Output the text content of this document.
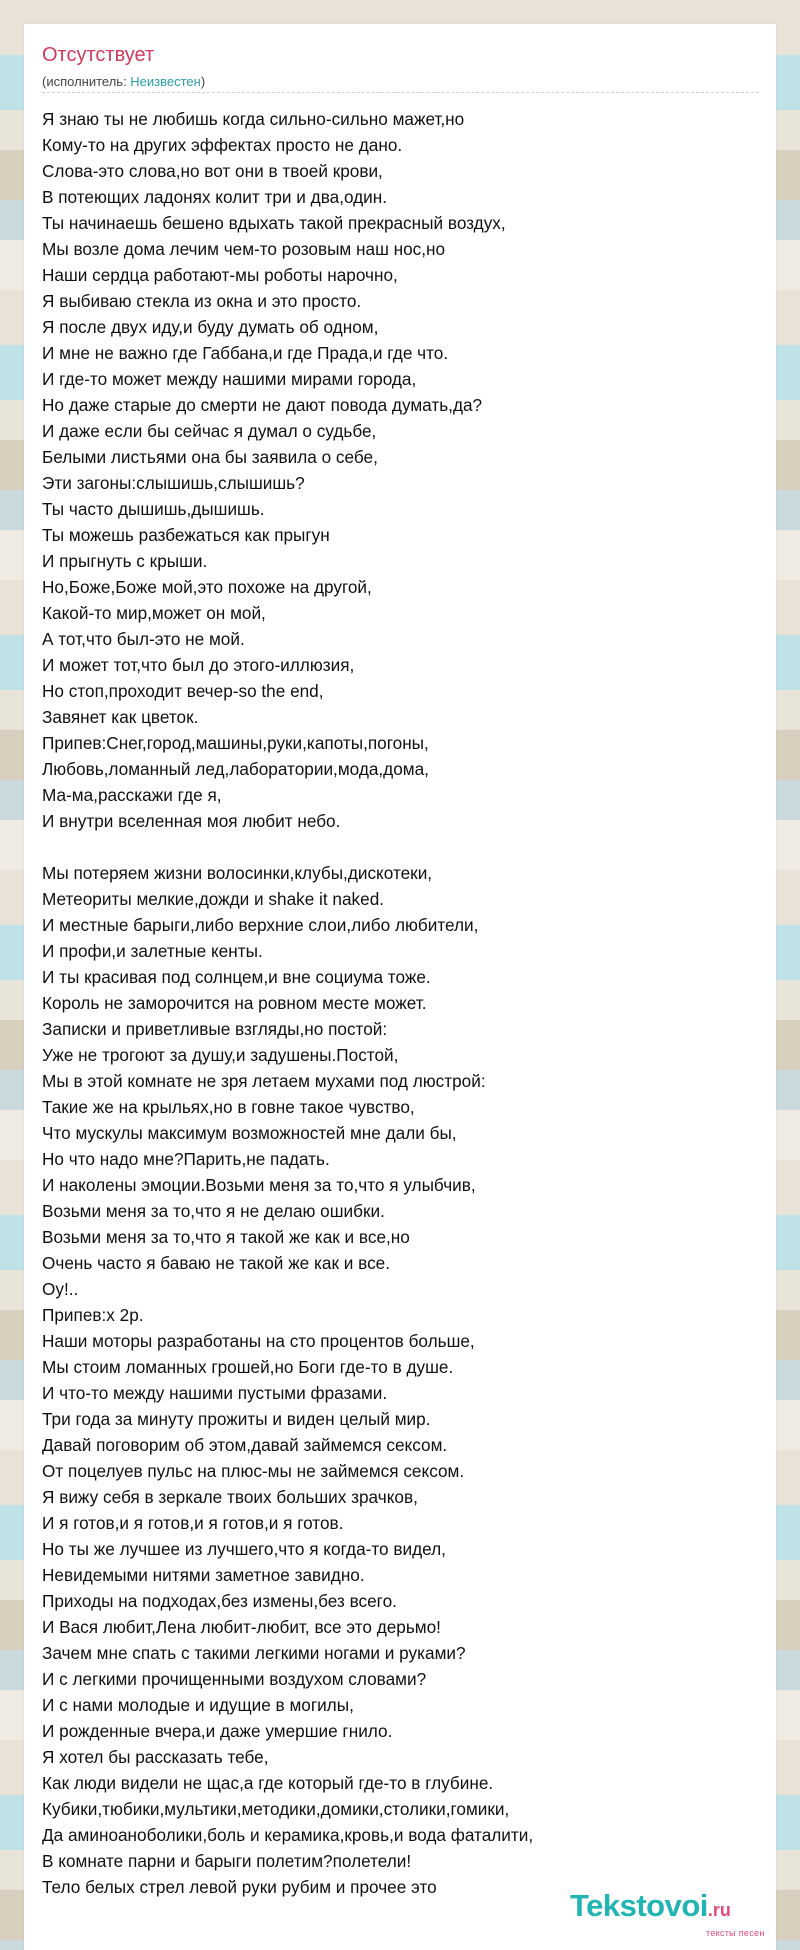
Отсутствует
(исполнитель: Неизвестен)
Я знаю ты не любишь когда сильно-сильно мажет,но
Кому-то на других эффектах просто не дано.
Слова-это слова,но вот они в твоей крови,
В потеющих ладонях колит три и два,один.
Ты начинаешь бешено вдыхать такой прекрасный воздух,
Мы возле дома лечим чем-то розовым наш нос,но
Наши сердца работают-мы роботы нарочно,
Я выбиваю стекла из окна и это просто.
Я после двух иду,и буду думать об одном,
И мне не важно где Габбана,и где Прада,и где что.
И где-то может между нашими мирами города,
Но даже старые до смерти не дают повода думать,да?
И даже если бы сейчас я думал о судьбе,
Белыми листьями она бы заявила о себе,
Эти загоны:слышишь,слышишь?
Ты часто дышишь,дышишь.
Ты можешь разбежаться как прыгун
И прыгнуть с крыши.
Но,Боже,Боже мой,это похоже на другой,
Какой-то мир,может он мой,
А тот,что был-это не мой.
И может тот,что был до этого-иллюзия,
Но стоп,проходит вечер-so the end,
Завянет как цветок.
Припев:Снег,город,машины,руки,капоты,погоны,
Любовь,ломанный лед,лаборатории,мода,дома,
Ма-ма,расскажи где я,
И внутри вселенная моя любит небо.
Мы потеряем жизни волосинки,клубы,дискотеки,
Метеориты мелкие,дожди и shake it naked.
И местные барыги,либо верхние слои,либо любители,
И профи,и залетные кенты.
И ты красивая под солнцем,и вне социума тоже.
Король не заморочится на ровном месте может.
Записки и приветливые взгляды,но постой:
Уже не трогоют за душу,и задушены.Постой,
Мы в этой комнате не зря летаем мухами под люстрой:
Такие же на крыльях,но в говне такое чувство,
Что мускулы максимум возможностей мне дали бы,
Но что надо мне?Парить,не падать.
И наколены эмоции.Возьми меня за то,что я улыбчив,
Возьми меня за то,что я не делаю ошибки.
Возьми меня за то,что я такой же как и все,но
Очень часто я баваю не такой же как и все.
Оу!..
Припев:х 2р.
Наши моторы разработаны на сто процентов больше,
Мы стоим ломанных грошей,но Боги где-то в душе.
И что-то между нашими пустыми фразами.
Три года за минуту прожиты и виден целый мир.
Давай поговорим об этом,давай займемся сексом.
От поцелуев пульс на плюс-мы не займемся сексом.
Я вижу себя в зеркале твоих больших зрачков,
И я готов,и я готов,и я готов,и я готов.
Но ты же лучшее из лучшего,что я когда-то видел,
Невидемыми нитями заметное завидно.
Приходы на подходах,без измены,без всего.
И Вася любит,Лена любит-любит, все это дерьмо!
Зачем мне спать с такими легкими ногами и руками?
И с легкими прочищенными воздухом словами?
И с нами молодые и идущие в могилы,
И рожденные вчера,и даже умершие гнило.
Я хотел бы рассказать тебе,
Как люди видели не щас,а где который где-то в глубине.
Кубики,тюбики,мультики,методики,домики,столики,гомики,
Да аминоаноболики,боль и керамика,кровь,и вода фаталити,
В комнате парни и барыги полетим?полетели!
Тело белых стрел левой руки рубим и прочее это
Tekstovoi.ru
тексты песен
